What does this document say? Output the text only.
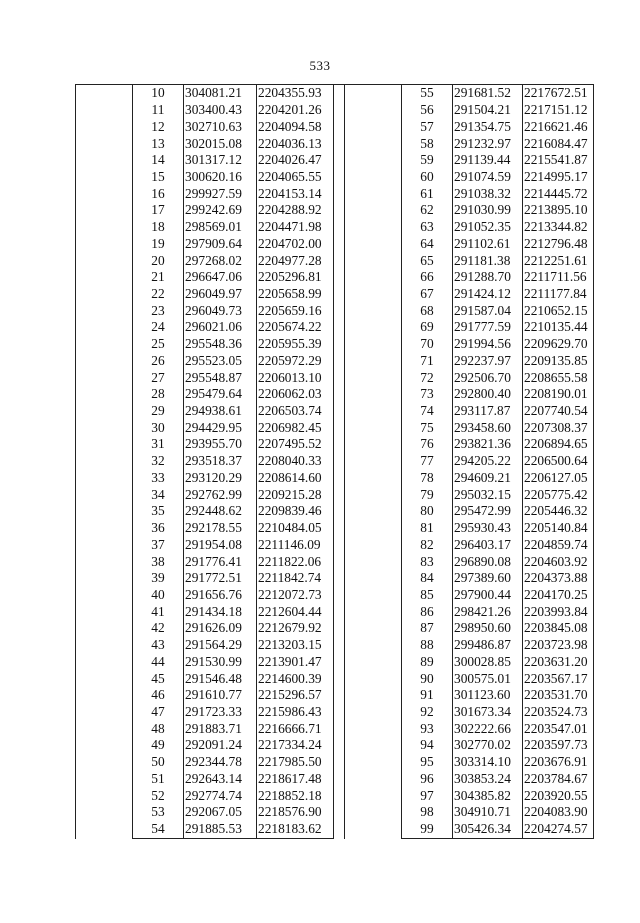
533
	10	304081.21	2204355.93			55	291681.52	2217672.51
	11	303400.43	2204201.26			56	291504.21	2217151.12
	12	302710.63	2204094.58			57	291354.75	2216621.46
	13	302015.08	2204036.13			58	291232.97	2216084.47
	14	301317.12	2204026.47			59	291139.44	2215541.87
	15	300620.16	2204065.55			60	291074.59	2214995.17
	16	299927.59	2204153.14			61	291038.32	2214445.72
	17	299242.69	2204288.92			62	291030.99	2213895.10
	18	298569.01	2204471.98			63	291052.35	2213344.82
	19	297909.64	2204702.00			64	291102.61	2212796.48
	20	297268.02	2204977.28			65	291181.38	2212251.61
	21	296647.06	2205296.81			66	291288.70	2211711.56
	22	296049.97	2205658.99			67	291424.12	2211177.84
	23	296049.73	2205659.16			68	291587.04	2210652.15
	24	296021.06	2205674.22			69	291777.59	2210135.44
	25	295548.36	2205955.39			70	291994.56	2209629.70
	26	295523.05	2205972.29			71	292237.97	2209135.85
	27	295548.87	2206013.10			72	292506.70	2208655.58
	28	295479.64	2206062.03			73	292800.40	2208190.01
	29	294938.61	2206503.74			74	293117.87	2207740.54
	30	294429.95	2206982.45			75	293458.60	2207308.37
	31	293955.70	2207495.52			76	293821.36	2206894.65
	32	293518.37	2208040.33			77	294205.22	2206500.64
	33	293120.29	2208614.60			78	294609.21	2206127.05
	34	292762.99	2209215.28			79	295032.15	2205775.42
	35	292448.62	2209839.46			80	295472.99	2205446.32
	36	292178.55	2210484.05			81	295930.43	2205140.84
	37	291954.08	2211146.09			82	296403.17	2204859.74
	38	291776.41	2211822.06			83	296890.08	2204603.92
	39	291772.51	2211842.74			84	297389.60	2204373.88
	40	291656.76	2212072.73			85	297900.44	2204170.25
	41	291434.18	2212604.44			86	298421.26	2203993.84
	42	291626.09	2212679.92			87	298950.60	2203845.08
	43	291564.29	2213203.15			88	299486.87	2203723.98
	44	291530.99	2213901.47			89	300028.85	2203631.20
	45	291546.48	2214600.39			90	300575.01	2203567.17
	46	291610.77	2215296.57			91	301123.60	2203531.70
	47	291723.33	2215986.43			92	301673.34	2203524.73
	48	291883.71	2216666.71			93	302222.66	2203547.01
	49	292091.24	2217334.24			94	302770.02	2203597.73
	50	292344.78	2217985.50			95	303314.10	2203676.91
	51	292643.14	2218617.48			96	303853.24	2203784.67
	52	292774.74	2218852.18			97	304385.82	2203920.55
	53	292067.05	2218576.90			98	304910.71	2204083.90
	54	291885.53	2218183.62			99	305426.34	2204274.57
